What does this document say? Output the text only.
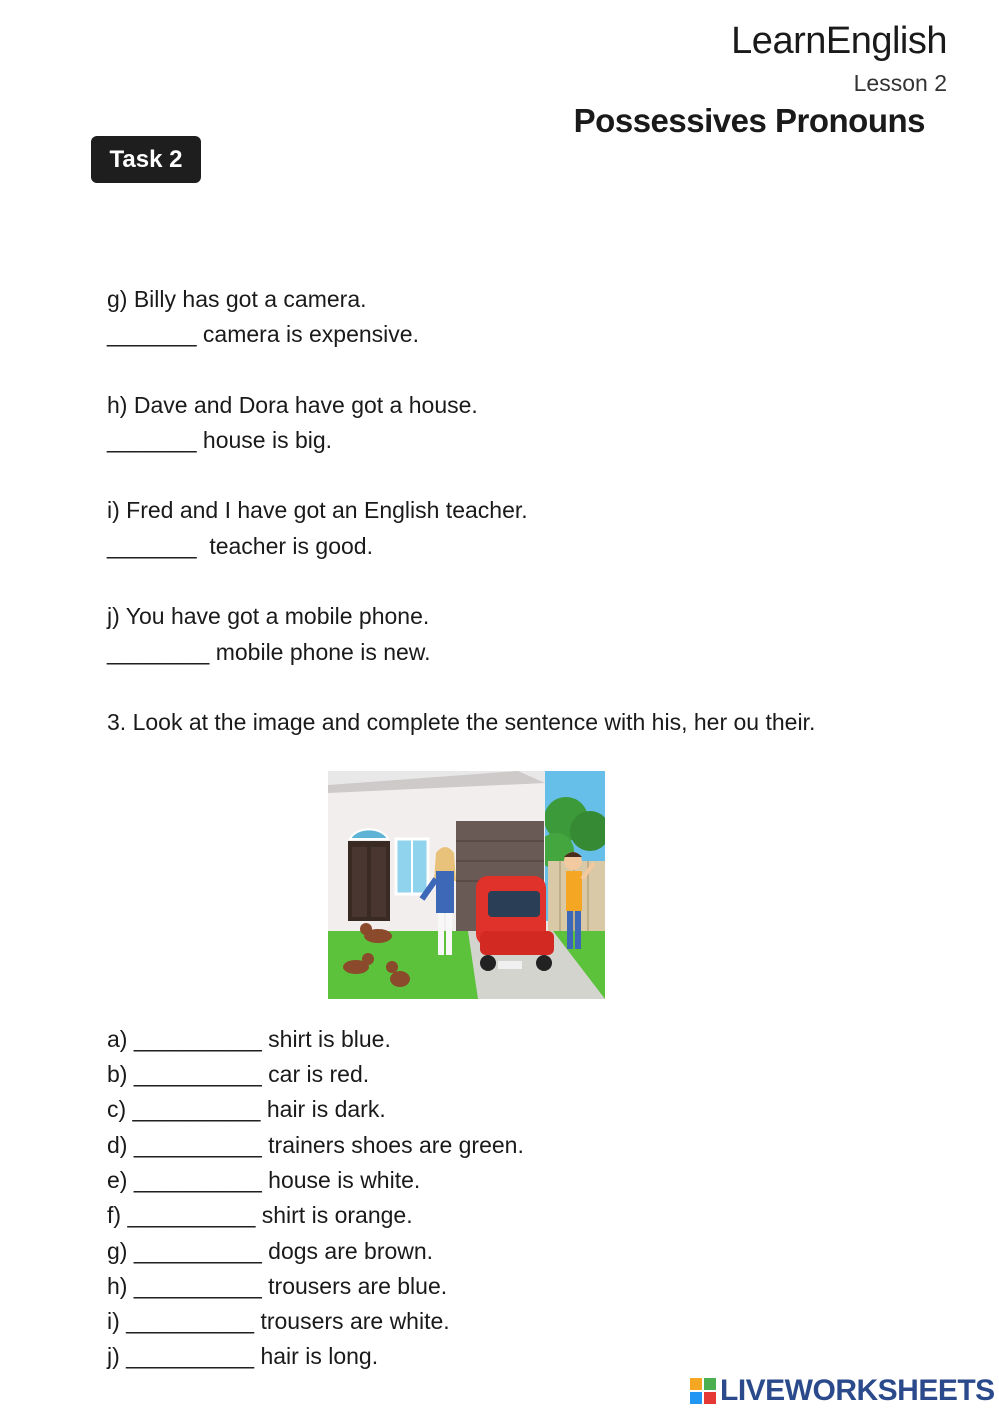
LearnEnglish
Lesson 2
Possessives Pronouns
Task 2
g) Billy has got a camera.
_______ camera is expensive.
h) Dave and Dora have got a house.
_______ house is big.
i) Fred and I have got an English teacher.
_______  teacher is good.
j) You have got a mobile phone.
________ mobile phone is new.
3. Look at the image and complete the sentence with his, her ou their.
a) __________ shirt is blue.
b) __________ car is red.
c) __________ hair is dark.
d) __________ trainers shoes are green.
e) __________ house is white.
f) __________ shirt is orange.
g) __________ dogs are brown.
h) __________ trousers are blue.
i) __________ trousers are white.
j) __________ hair is long.
LIVEWORKSHEETS
